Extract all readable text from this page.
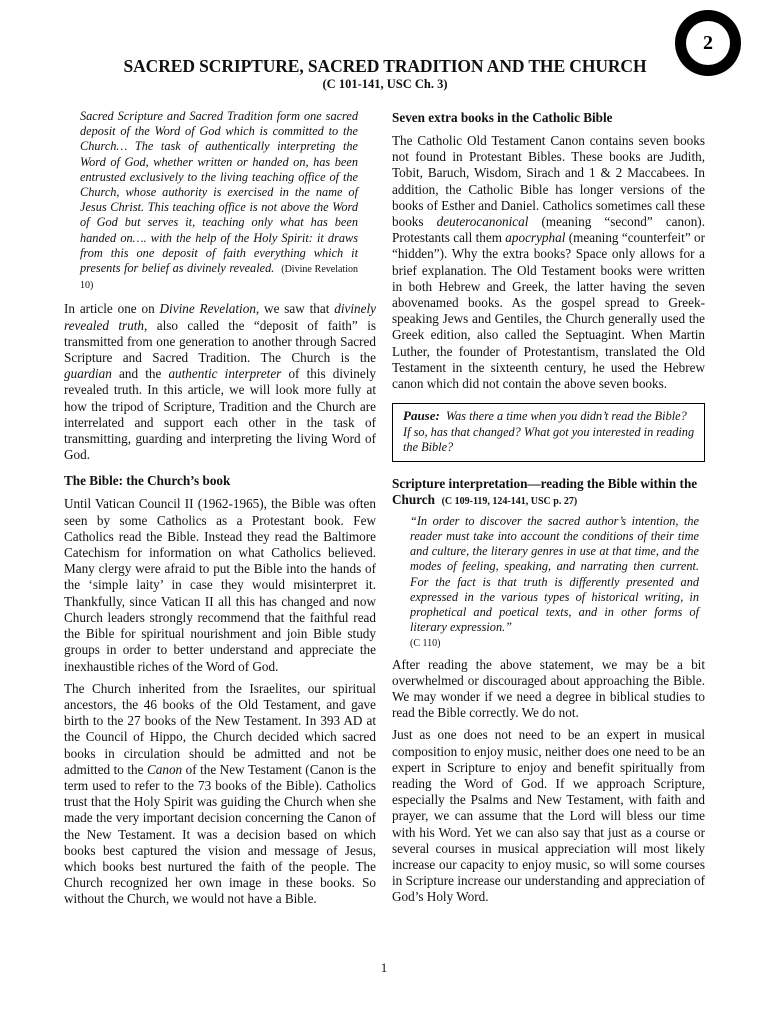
2
SACRED SCRIPTURE, SACRED TRADITION AND THE CHURCH
(C 101-141, USC Ch. 3)

Sacred Scripture and Sacred Tradition form one sacred deposit of the Word of God which is committed to the Church… The task of authentically interpreting the Word of God, whether written or handed on, has been entrusted exclusively to the living teaching office of the Church, whose authority is exercised in the name of Jesus Christ. This teaching office is not above the Word of God but serves it, teaching only what has been handed on…. with the help of the Holy Spirit: it draws from this one deposit of faith everything which it presents for belief as divinely revealed. (Divine Revelation 10)

In article one on Divine Revelation, we saw that divinely revealed truth, also called the “deposit of faith” is transmitted from one generation to another through Sacred Scripture and Sacred Tradition. The Church is the guardian and the authentic interpreter of this divinely revealed truth. In this article, we will look more fully at how the tripod of Scripture, Tradition and the Church are interrelated and support each other in the task of transmitting, guarding and interpreting the living Word of God.

The Bible: the Church’s book

Until Vatican Council II (1962-1965), the Bible was often seen by some Catholics as a Protestant book. Few Catholics read the Bible. Instead they read the Baltimore Catechism for information on what Catholics believed. Many clergy were afraid to put the Bible into the hands of the ‘simple laity’ in case they would misinterpret it. Thankfully, since Vatican II all this has changed and now Church leaders strongly recommend that the faithful read the Bible for spiritual nourishment and join Bible study groups in order to better understand and appreciate the inexhaustible riches of the Word of God.

The Church inherited from the Israelites, our spiritual ancestors, the 46 books of the Old Testament, and gave birth to the 27 books of the New Testament. In 393 AD at the Council of Hippo, the Church decided which sacred books in circulation should be admitted and not be admitted to the Canon of the New Testament (Canon is the term used to refer to the 73 books of the Bible). Catholics trust that the Holy Spirit was guiding the Church when she made the very important decision concerning the Canon of the New Testament. It was a decision based on which books best captured the vision and message of Jesus, which books best nurtured the faith of the people. The Church recognized her own image in these books. So without the Church, we would not have a Bible.

Seven extra books in the Catholic Bible

The Catholic Old Testament Canon contains seven books not found in Protestant Bibles. These books are Judith, Tobit, Baruch, Wisdom, Sirach and 1 & 2 Maccabees. In addition, the Catholic Bible has longer versions of the books of Esther and Daniel. Catholics sometimes call these books deuterocanonical (meaning “second” canon). Protestants call them apocryphal (meaning “counterfeit” or “hidden”). Why the extra books? Space only allows for a brief explanation. The Old Testament books were written in both Hebrew and Greek, the latter having the seven abovenamed books. As the gospel spread to Greek-speaking Jews and Gentiles, the Church generally used the Greek edition, also called the Septuagint. When Martin Luther, the founder of Protestantism, translated the Old Testament in the sixteenth century, he used the Hebrew canon which did not contain the above seven books.

Pause: Was there a time when you didn’t read the Bible? If so, has that changed? What got you interested in reading the Bible?

Scripture interpretation—reading the Bible within the Church (C 109-119, 124-141, USC p. 27)

“In order to discover the sacred author’s intention, the reader must take into account the conditions of their time and culture, the literary genres in use at that time, and the modes of feeling, speaking, and narrating then current. For the fact is that truth is differently presented and expressed in the various types of historical writing, in prophetical and poetical texts, and in other forms of literary expression.”
(C 110)

After reading the above statement, we may be a bit overwhelmed or discouraged about approaching the Bible. We may wonder if we need a degree in biblical studies to read the Bible correctly. We do not.

Just as one does not need to be an expert in musical composition to enjoy music, neither does one need to be an expert in Scripture to enjoy and benefit spiritually from reading the Word of God. If we approach Scripture, especially the Psalms and New Testament, with faith and prayer, we can assume that the Lord will bless our time with his Word. Yet we can also say that just as a course or several courses in musical appreciation will most likely increase our capacity to enjoy music, so will some courses in Scripture increase our understanding and appreciation of God’s Holy Word.

1
